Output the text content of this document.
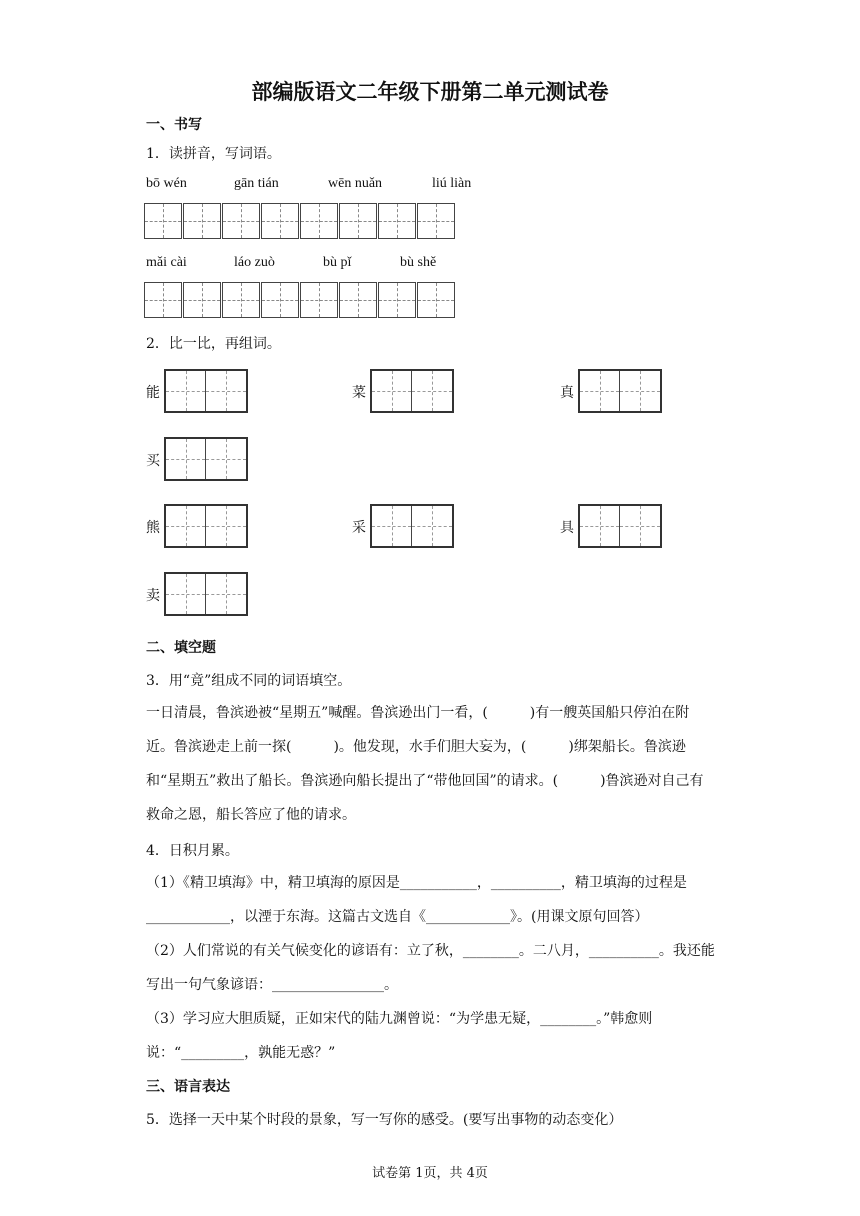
部编版语文二年级下册第二单元测试卷
一、书写
1．读拼音，写词语。
bō wén	gān tián	wēn nuǎn	liú liàn
mǎi cài	láo zuò	bù pǐ	bù shě
2．比一比，再组词。
能	菜	真
买
熊	采	具
卖
二、填空题
3．用“竟”组成不同的词语填空。
一日清晨，鲁滨逊被“星期五”喊醒。鲁滨逊出门一看，(　　　)有一艘英国船只停泊在附近。鲁滨逊走上前一探(　　　)。他发现，水手们胆大妄为，(　　　)绑架船长。鲁滨逊和“星期五”救出了船长。鲁滨逊向船长提出了“带他回国”的请求。(　　　)鲁滨逊对自己有救命之恩，船长答应了他的请求。
4．日积月累。
（1）《精卫填海》中，精卫填海的原因是___________，__________，精卫填海的过程是____________，以湮于东海。这篇古文选自《____________》。(用课文原句回答）
（2）人们常说的有关气候变化的谚语有：立了秋，________。二八月，__________。我还能写出一句气象谚语：________________。
（3）学习应大胆质疑，正如宋代的陆九渊曾说：“为学患无疑，________。”韩愈则说：“_________，孰能无惑？”
三、语言表达
5．选择一天中某个时段的景象，写一写你的感受。(要写出事物的动态变化）
试卷第 1页，共 4页
